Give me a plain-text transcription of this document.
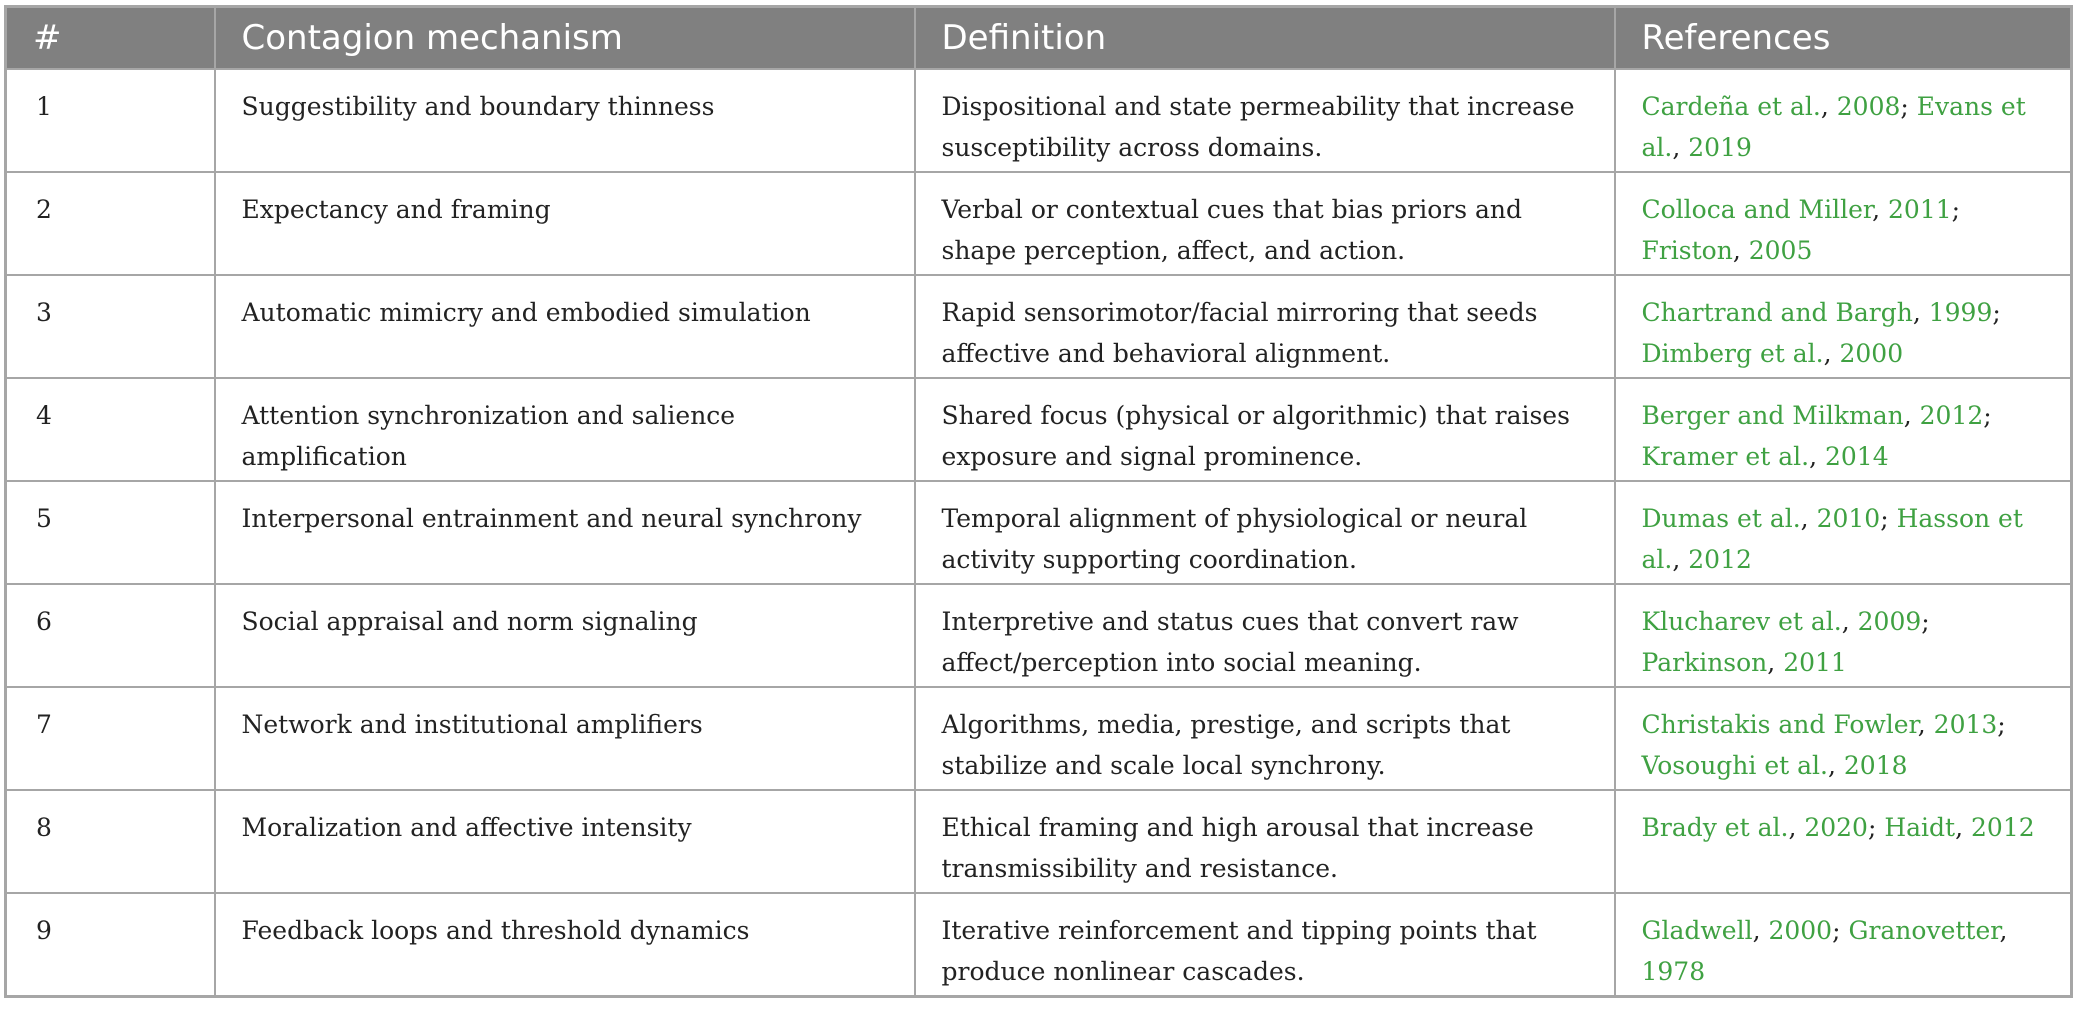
#	Contagion mechanism	Definition	References
1	Suggestibility and boundary thinness	Dispositional and state permeability that increase susceptibility across domains.	Cardeña et al., 2008; Evans et al., 2019
2	Expectancy and framing	Verbal or contextual cues that bias priors and shape perception, affect, and action.	Colloca and Miller, 2011; Friston, 2005
3	Automatic mimicry and embodied simulation	Rapid sensorimotor/facial mirroring that seeds affective and behavioral alignment.	Chartrand and Bargh, 1999; Dimberg et al., 2000
4	Attention synchronization and salience amplification	Shared focus (physical or algorithmic) that raises exposure and signal prominence.	Berger and Milkman, 2012; Kramer et al., 2014
5	Interpersonal entrainment and neural synchrony	Temporal alignment of physiological or neural activity supporting coordination.	Dumas et al., 2010; Hasson et al., 2012
6	Social appraisal and norm signaling	Interpretive and status cues that convert raw affect/perception into social meaning.	Klucharev et al., 2009; Parkinson, 2011
7	Network and institutional amplifiers	Algorithms, media, prestige, and scripts that stabilize and scale local synchrony.	Christakis and Fowler, 2013; Vosoughi et al., 2018
8	Moralization and affective intensity	Ethical framing and high arousal that increase transmissibility and resistance.	Brady et al., 2020; Haidt, 2012
9	Feedback loops and threshold dynamics	Iterative reinforcement and tipping points that produce nonlinear cascades.	Gladwell, 2000; Granovetter, 1978
